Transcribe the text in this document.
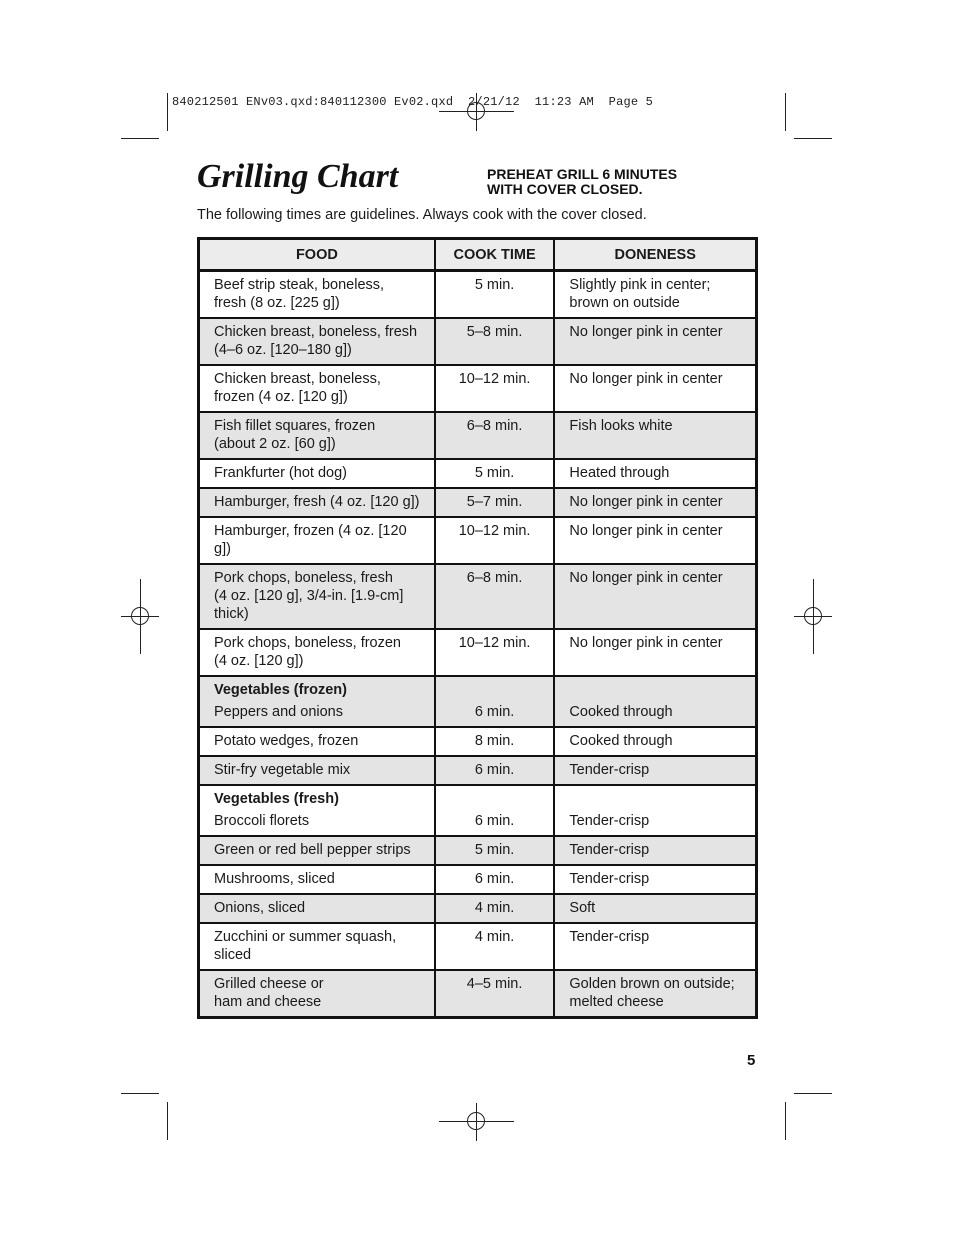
840212501 ENv03.qxd:840112300 Ev02.qxd  2/21/12  11:23 AM  Page 5
Grilling Chart	PREHEAT GRILL 6 MINUTES
WITH COVER CLOSED.
The following times are guidelines. Always cook with the cover closed.
FOOD	COOK TIME	DONENESS
Beef strip steak, boneless,
fresh (8 oz. [225 g])	5 min.	Slightly pink in center;
brown on outside
Chicken breast, boneless, fresh
(4–6 oz. [120–180 g])	5–8 min.	No longer pink in center
Chicken breast, boneless,
frozen (4 oz. [120 g])	10–12 min.	No longer pink in center
Fish fillet squares, frozen
(about 2 oz. [60 g])	6–8 min.	Fish looks white
Frankfurter (hot dog)	5 min.	Heated through
Hamburger, fresh (4 oz. [120 g])	5–7 min.	No longer pink in center
Hamburger, frozen (4 oz. [120 g])	10–12 min.	No longer pink in center
Pork chops, boneless, fresh
(4 oz. [120 g], 3/4-in. [1.9-cm]
thick)	6–8 min.	No longer pink in center
Pork chops, boneless, frozen
(4 oz. [120 g])	10–12 min.	No longer pink in center

Vegetables (frozen)
Peppers and onions	6 min.	Cooked through
Potato wedges, frozen	8 min.	Cooked through
Stir-fry vegetable mix	6 min.	Tender-crisp

Vegetables (fresh)
Broccoli florets	6 min.	Tender-crisp
Green or red bell pepper strips	5 min.	Tender-crisp
Mushrooms, sliced	6 min.	Tender-crisp
Onions, sliced	4 min.	Soft
Zucchini or summer squash,
sliced	4 min.	Tender-crisp
Grilled cheese or
ham and cheese	4–5 min.	Golden brown on outside;
melted cheese
5
